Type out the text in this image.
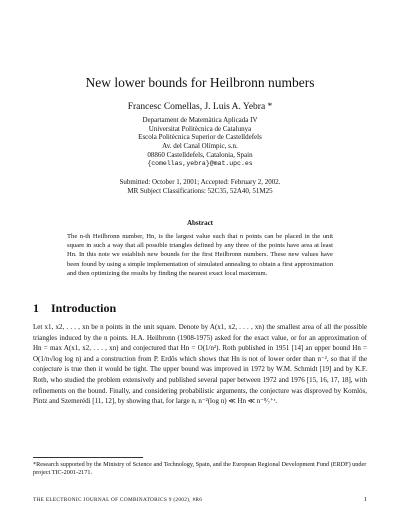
New lower bounds for Heilbronn numbers
Francesc Comellas, J. Luis A. Yebra *
Departament de Matemàtica Aplicada IV
Universitat Politècnica de Catalunya
Escola Politècnica Superior de Castelldefels
Av. del Canal Olímpic, s.n.
08860 Castelldefels, Catalonia, Spain
{comellas,yebra}@mat.upc.es
Submitted: October 1, 2001; Accepted: February 2, 2002.
MR Subject Classifications: 52C35, 52A40, 51M25
Abstract
The n-th Heilbronn number, Hn, is the largest value such that n points can be placed in the unit square in such a way that all possible triangles defined by any three of the points have area at least Hn. In this note we establish new bounds for the first Heilbronn numbers. These new values have been found by using a simple implementation of simulated annealing to obtain a first approximation and then optimizing the results by finding the nearest exact local maximum.
1 Introduction

Let x1, x2, . . . , xn be n points in the unit square. Denote by A(x1, x2, . . . , xn) the smallest area of all the possible triangles induced by the n points. H.A. Heilbronn (1908-1975) asked for the exact value, or for an approximation of Hn = max A(x1, x2, . . . , xn) and conjectured that Hn = O(1/n²). Roth published in 1951 [14] an upper bound Hn = O(1/n√log log n) and a construction from P. Erdős which shows that Hn is not of lower order than n⁻², so that if the conjecture is true then it would be tight. The upper bound was improved in 1972 by W.M. Schmidt [19] and by K.F. Roth, who studied the problem extensively and published several paper between 1972 and 1976 [15, 16, 17, 18], with refinements on the bound. Finally, and considering probabilistic arguments, the conjecture was disproved by Komlós, Pintz and Szemerédi [11, 12], by showing that, for large n, n⁻²(log n) ≪ Hn ≪ n⁻⁸⁄₇⁺ᵋ.

*Research supported by the Ministry of Science and Technology, Spain, and the European Regional Development Fund (ERDF) under project TIC-2001-2171.
THE ELECTRONIC JOURNAL OF COMBINATORICS 9 (2002), #R6	1
